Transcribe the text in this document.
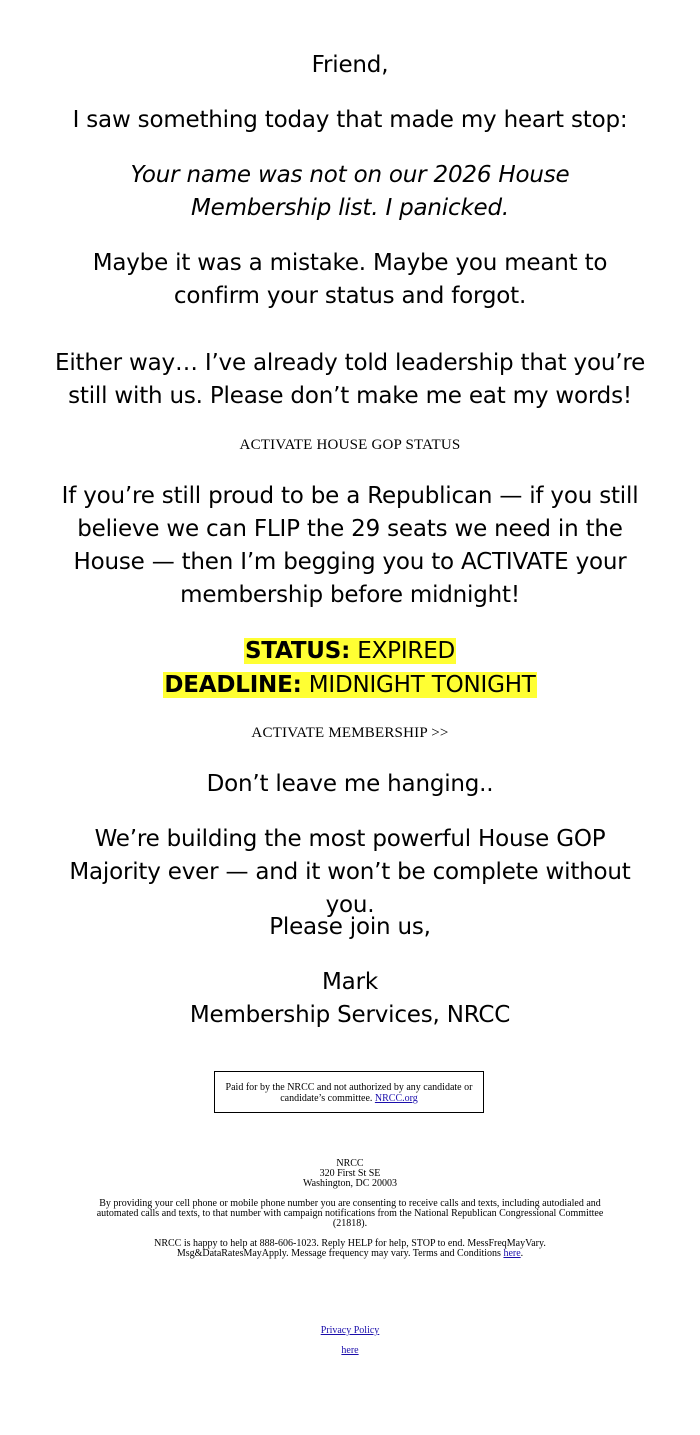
Friend,
I saw something today that made my heart stop:
Your name was not on our 2026 House Membership list. I panicked.
Maybe it was a mistake. Maybe you meant to confirm your status and forgot.
Either way… I’ve already told leadership that you’re still with us. Please don’t make me eat my words!
ACTIVATE HOUSE GOP STATUS
If you’re still proud to be a Republican — if you still believe we can FLIP the 29 seats we need in the House — then I’m begging you to ACTIVATE your membership before midnight!
STATUS: EXPIRED
DEADLINE: MIDNIGHT TONIGHT
ACTIVATE MEMBERSHIP >>
Don’t leave me hanging..
We’re building the most powerful House GOP Majority ever — and it won’t be complete without you.
Please join us,
Mark
Membership Services, NRCC
Paid for by the NRCC and not authorized by any candidate or candidate’s committee. NRCC.org
NRCC
320 First St SE
Washington, DC 20003
By providing your cell phone or mobile phone number you are consenting to receive calls and texts, including autodialed and automated calls and texts, to that number with campaign notifications from the National Republican Congressional Committee (21818).
NRCC is happy to help at 888-606-1023. Reply HELP for help, STOP to end. MessFreqMayVary. Msg&DataRatesMayApply. Message frequency may vary. Terms and Conditions here.
Privacy Policy
here
